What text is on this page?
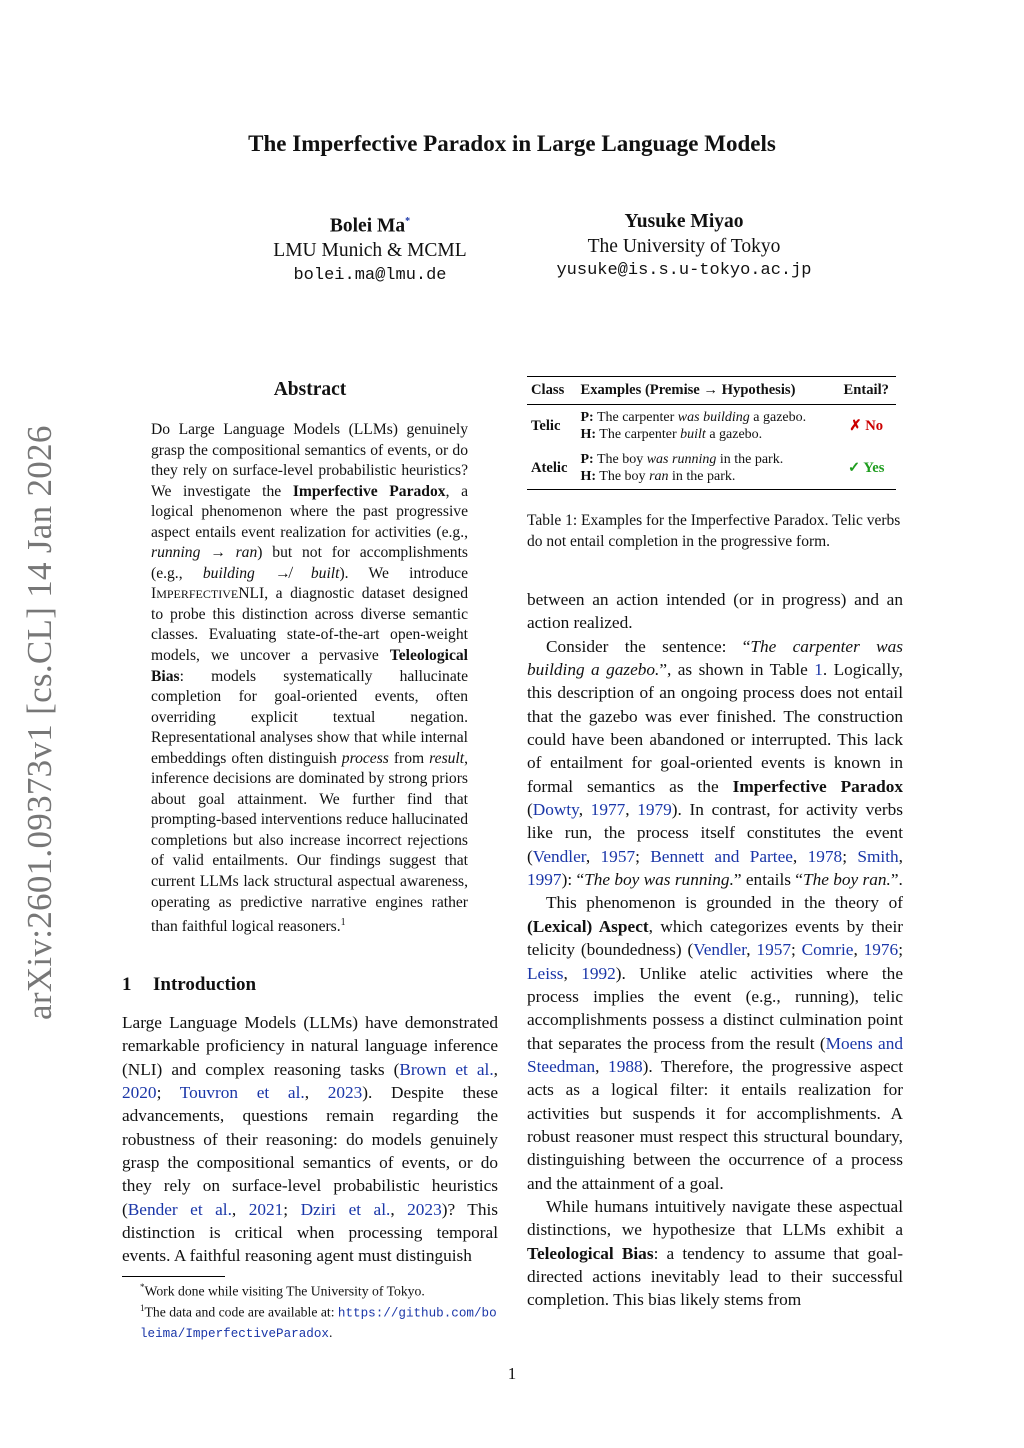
arXiv:2601.09373v1 [cs.CL] 14 Jan 2026
The Imperfective Paradox in Large Language Models
Bolei Ma*
LMU Munich & MCML
bolei.ma@lmu.de
Yusuke Miyao
The University of Tokyo
yusuke@is.s.u-tokyo.ac.jp
Abstract
Do Large Language Models (LLMs) genuinely grasp the compositional semantics of events, or do they rely on surface-level probabilistic heuristics? We investigate the Imperfective Paradox, a logical phenomenon where the past progressive aspect entails event realization for activities (e.g., running → ran) but not for accomplishments (e.g., building ↛ built). We introduce IMPERFECTIVENLI, a diagnostic dataset designed to probe this distinction across diverse semantic classes. Evaluating state-of-the-art open-weight models, we uncover a pervasive Teleological Bias: models systematically hallucinate completion for goal-oriented events, often overriding explicit textual negation. Representational analyses show that while internal embeddings often distinguish process from result, inference decisions are dominated by strong priors about goal attainment. We further find that prompting-based interventions reduce hallucinated completions but also increase incorrect rejections of valid entailments. Our findings suggest that current LLMs lack structural aspectual awareness, operating as predictive narrative engines rather than faithful logical reasoners.$^1$
1 Introduction
Large Language Models (LLMs) have demonstrated remarkable proficiency in natural language inference (NLI) and complex reasoning tasks (Brown et al., 2020; Touvron et al., 2023). Despite these advancements, questions remain regarding the robustness of their reasoning: do models genuinely grasp the compositional semantics of events, or do they rely on surface-level probabilistic heuristics (Bender et al., 2021; Dziri et al., 2023)? This distinction is critical when processing temporal events. A faithful reasoning agent must distinguish

*Work done while visiting The University of Tokyo.

$^1$The data and code are available at: https://github.com/boleima/ImperfectiveParadox.

Class	Examples (Premise → Hypothesis)	Entail?
Telic	P: The carpenter was building a gazebo.
H: The carpenter built a gazebo.	✗ No
Atelic	P: The boy was running in the park.
H: The boy ran in the park.	✓ Yes
Table 1: Examples for the Imperfective Paradox. Telic verbs do not entail completion in the progressive form.

between an action intended (or in progress) and an action realized.

Consider the sentence: “The carpenter was building a gazebo.”, as shown in Table 1. Logically, this description of an ongoing process does not entail that the gazebo was ever finished. The construction could have been abandoned or interrupted. This lack of entailment for goal-oriented events is known in formal semantics as the Imperfective Paradox (Dowty, 1977, 1979). In contrast, for activity verbs like run, the process itself constitutes the event (Vendler, 1957; Bennett and Partee, 1978; Smith, 1997): “The boy was running.” entails “The boy ran.”.

This phenomenon is grounded in the theory of (Lexical) Aspect, which categorizes events by their telicity (boundedness) (Vendler, 1957; Comrie, 1976; Leiss, 1992). Unlike atelic activities where the process implies the event (e.g., running), telic accomplishments possess a distinct culmination point that separates the process from the result (Moens and Steedman, 1988). Therefore, the progressive aspect acts as a logical filter: it entails realization for activities but suspends it for accomplishments. A robust reasoner must respect this structural boundary, distinguishing between the occurrence of a process and the attainment of a goal.

While humans intuitively navigate these aspectual distinctions, we hypothesize that LLMs exhibit a Teleological Bias: a tendency to assume that goal-directed actions inevitably lead to their successful completion. This bias likely stems from

1
